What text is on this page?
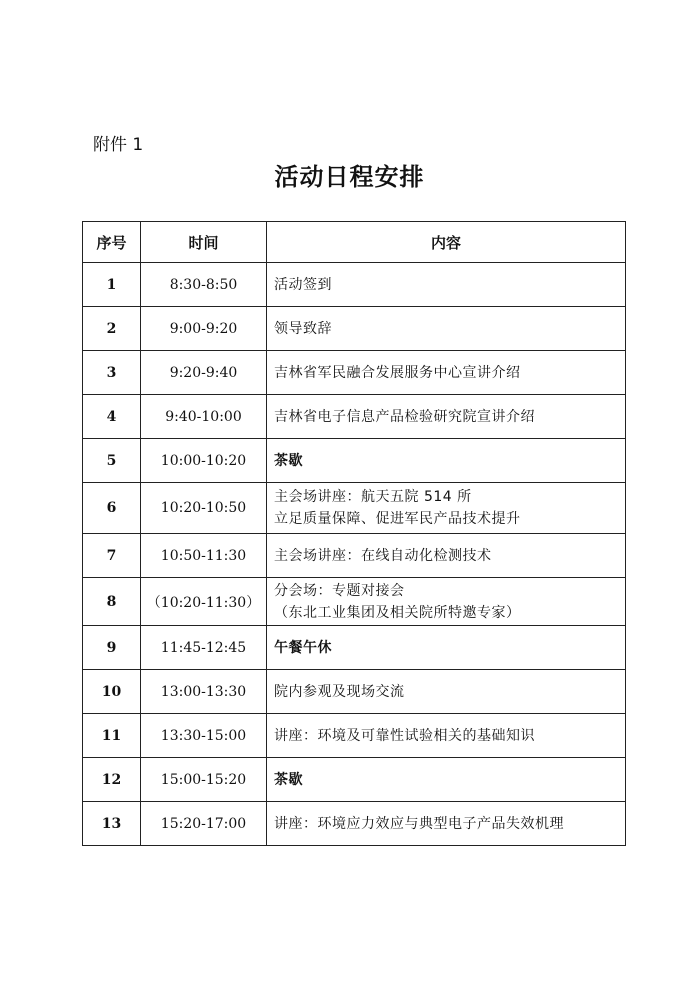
附件 1
活动日程安排
序号	时间	内容
1	8:30-8:50	活动签到

2	9:00-9:20	领导致辞

3	9:20-9:40	吉林省军民融合发展服务中心宣讲介绍

4	9:40-10:00	吉林省电子信息产品检验研究院宣讲介绍

5	10:00-10:20	茶歇

6	10:20-10:50	主会场讲座：航天五院 514 所
立足质量保障、促进军民产品技术提升

7	10:50-11:30	主会场讲座：在线自动化检测技术

8	（10:20-11:30）	分会场：专题对接会
（东北工业集团及相关院所特邀专家）

9	11:45-12:45	午餐午休

10	13:00-13:30	院内参观及现场交流

11	13:30-15:00	讲座：环境及可靠性试验相关的基础知识

12	15:00-15:20	茶歇

13	15:20-17:00	讲座：环境应力效应与典型电子产品失效机理
